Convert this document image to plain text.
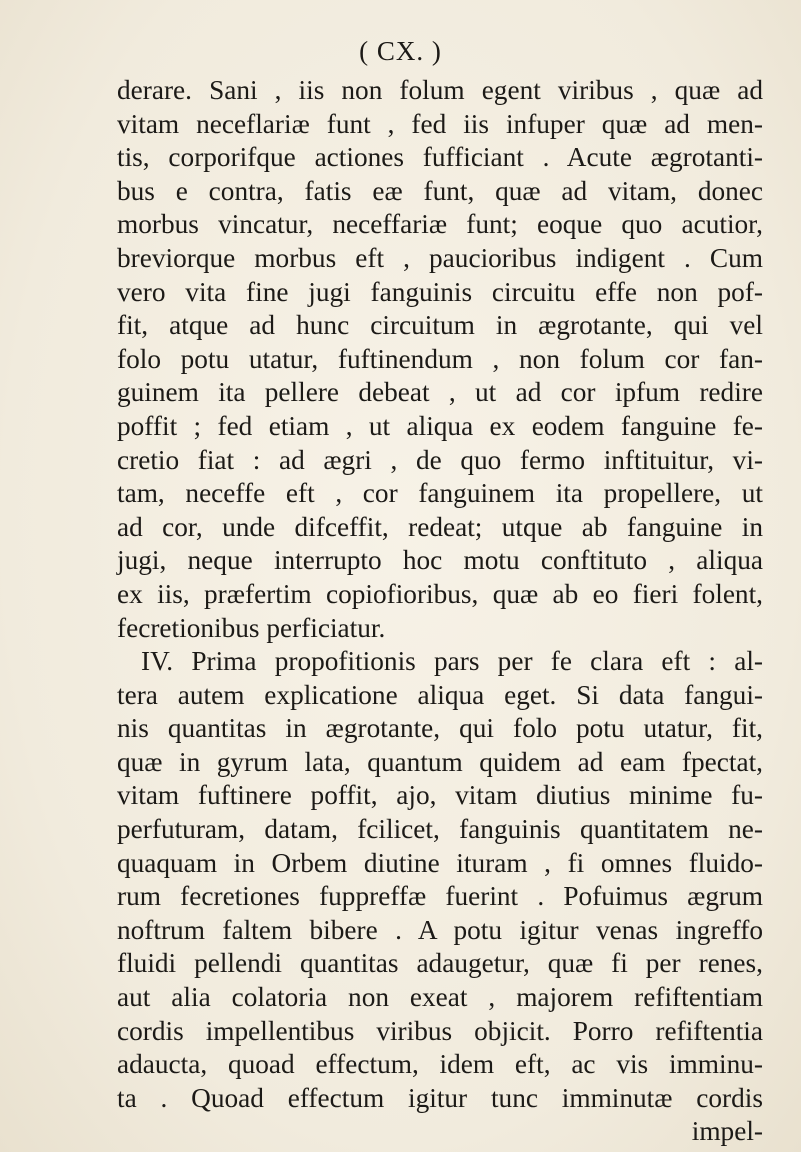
( CX. )
derare. Sani , iis non folum egent viribus , quæ ad
vitam neceflariæ funt , fed iis infuper quæ ad men-
tis, corporifque actiones fufficiant . Acute ægrotanti-
bus e contra, fatis eæ funt, quæ ad vitam, donec
morbus vincatur, neceffariæ funt; eoque quo acutior,
breviorque morbus eft , paucioribus indigent . Cum
vero vita fine jugi fanguinis circuitu effe non pof-
fit, atque ad hunc circuitum in ægrotante, qui vel
folo potu utatur, fuftinendum , non folum cor fan-
guinem ita pellere debeat , ut ad cor ipfum redire
poffit ; fed etiam , ut aliqua ex eodem fanguine fe-
cretio fiat : ad ægri , de quo fermo inftituitur, vi-
tam, neceffe eft , cor fanguinem ita propellere, ut
ad cor, unde difceffit, redeat; utque ab fanguine in
jugi, neque interrupto hoc motu conftituto , aliqua
ex iis, præfertim copiofioribus, quæ ab eo fieri folent,
fecretionibus perficiatur.
IV. Prima propofitionis pars per fe clara eft : al-
tera autem explicatione aliqua eget. Si data fangui-
nis quantitas in ægrotante, qui folo potu utatur, fit,
quæ in gyrum lata, quantum quidem ad eam fpectat,
vitam fuftinere poffit, ajo, vitam diutius minime fu-
perfuturam, datam, fcilicet, fanguinis quantitatem ne-
quaquam in Orbem diutine ituram , fi omnes fluido-
rum fecretiones fuppreffæ fuerint . Pofuimus ægrum
noftrum faltem bibere . A potu igitur venas ingreffo
fluidi pellendi quantitas adaugetur, quæ fi per renes,
aut alia colatoria non exeat , majorem refiftentiam
cordis impellentibus viribus objicit. Porro refiftentia
adaucta, quoad effectum, idem eft, ac vis imminu-
ta . Quoad effectum igitur tunc imminutæ cordis
impel-
